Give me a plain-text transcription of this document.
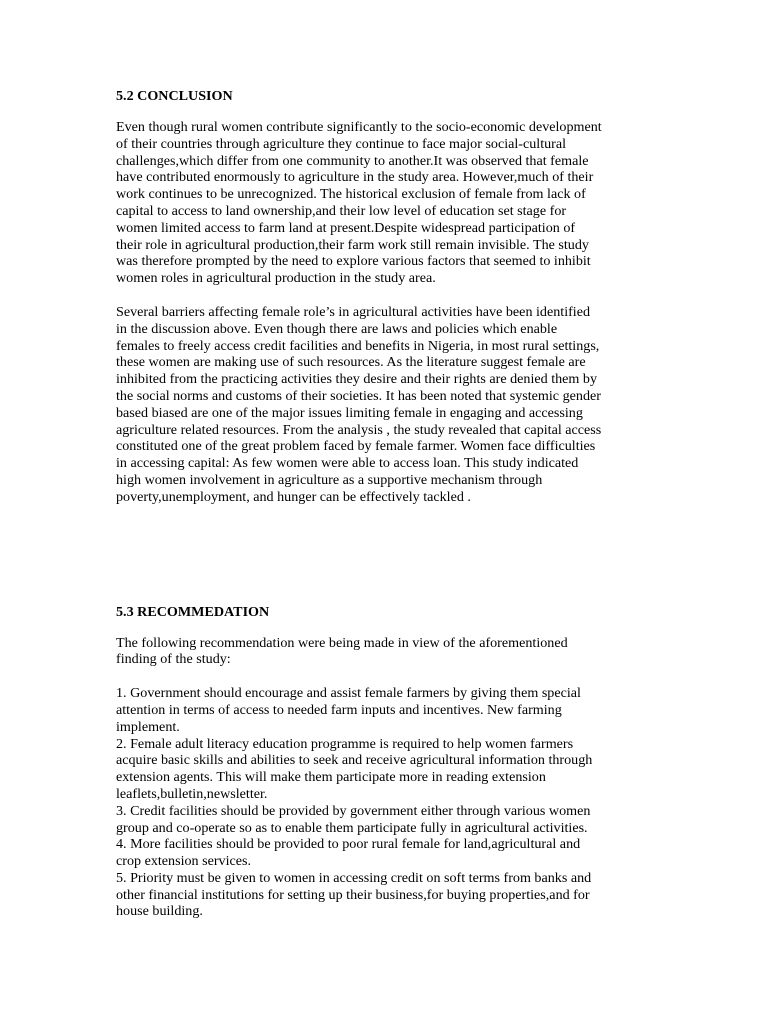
5.2 CONCLUSION

Even though rural women contribute significantly to the socio-economic development
of their countries through agriculture they continue to face major social-cultural
challenges,which differ from one community to another.It was observed that female
have contributed enormously to agriculture in the study area. However,much of their
work continues to be unrecognized. The historical exclusion of female from lack of
capital to access to land ownership,and their low level of education set stage for
women limited access to farm land at present.Despite widespread participation of
their role in agricultural production,their farm work still remain invisible. The study
was therefore prompted by the need to explore various factors that seemed to inhibit
women roles in agricultural production in the study area.

Several barriers affecting female role’s in agricultural activities have been identified
in the discussion above. Even though there are laws and policies which enable
females to freely access credit facilities and benefits in Nigeria, in most rural settings,
these women are making use of such resources. As the literature suggest female are
inhibited from the practicing activities they desire and their rights are denied them by
the social norms and customs of their societies. It has been noted that systemic gender
based biased are one of the major issues limiting female in engaging and accessing
agriculture related resources. From the analysis , the study revealed that capital access
constituted one of the great problem faced by female farmer. Women face difficulties
in accessing capital: As few women were able to access loan. This study indicated
high women involvement in agriculture as a supportive mechanism through
poverty,unemployment, and hunger can be effectively tackled .

5.3 RECOMMEDATION

The following recommendation were being made in view of the aforementioned
finding of the study:

1. Government should encourage and assist female farmers by giving them special
attention in terms of access to needed farm inputs and incentives. New farming
implement.
2. Female adult literacy education programme is required to help women farmers
acquire basic skills and abilities to seek and receive agricultural information through
extension agents. This will make them participate more in reading extension
leaflets,bulletin,newsletter.
3. Credit facilities should be provided by government either through various women
group and co-operate so as to enable them participate fully in agricultural activities.
4. More facilities should be provided to poor rural female for land,agricultural and
crop extension services.
5. Priority must be given to women in accessing credit on soft terms from banks and
other financial institutions for setting up their business,for buying properties,and for
house building.
